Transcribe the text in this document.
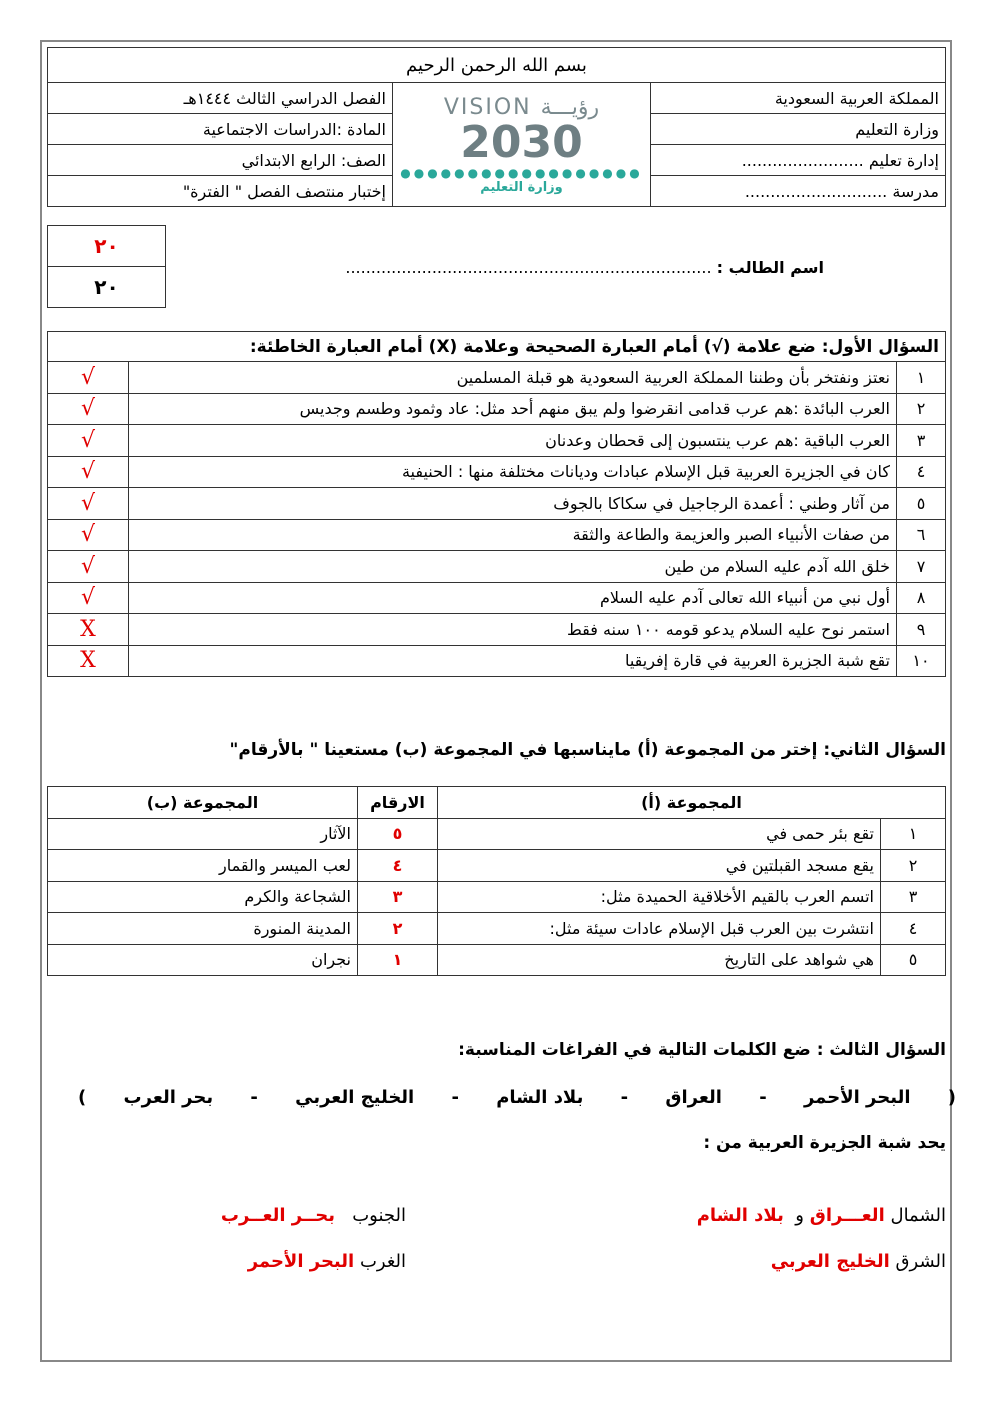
بسم الله الرحمن الرحيم		
المملكة العربية السعودية	VISION رؤيـــة
2030
●●●●●●●●●●●●●●●●●●
وزارة التعليم	الفصل الدراسي الثالث ١٤٤٤هـ
وزارة التعليم		المادة :الدراسات الاجتماعية
إدارة تعليم ........................		الصف: الرابع الابتدائي
مدرسة ............................		إختبار منتصف الفصل " الفترة"
٢٠
٢٠
اسم الطالب : ........................................................................
السؤال الأول: ضع علامة (√) أمام العبارة الصحيحة وعلامة (X) أمام العبارة الخاطئة:		
١	نعتز ونفتخر بأن وطننا المملكة العربية السعودية هو قبلة المسلمين	√
٢	العرب البائدة :هم عرب قدامى انقرضوا ولم يبق منهم أحد مثل: عاد وثمود وطسم وجديس	√
٣	العرب الباقية :هم عرب ينتسبون إلى قحطان وعدنان	√
٤	كان في الجزيرة العربية قبل الإسلام عبادات وديانات مختلفة منها : الحنيفية	√
٥	من آثار وطني : أعمدة الرجاجيل في سكاكا بالجوف	√
٦	من صفات الأنبياء الصبر والعزيمة والطاعة والثقة	√
٧	خلق الله آدم عليه السلام من طين	√
٨	أول نبي من أنبياء الله تعالى آدم عليه السلام	√
٩	استمر نوح عليه السلام يدعو قومه ١٠٠ سنه فقط	X
١٠	تقع شبة الجزيرة العربية في قارة إفريقيا	X
السؤال الثاني: إختر من المجموعة (أ) مايناسبها في المجموعة (ب) مستعينا " بالأرقام"
المجموعة (أ)		الارقام	المجموعة (ب)
١	تقع بئر حمى في	٥	الآثار
٢	يقع مسجد القبلتين في	٤	لعب الميسر والقمار
٣	اتسم العرب بالقيم الأخلاقية الحميدة مثل:	٣	الشجاعة والكرم
٤	انتشرت بين العرب قبل الإسلام عادات سيئة مثل:	٢	المدينة المنورة
٥	هي شواهد على التاريخ	١	نجران
السؤال الثالث : ضع الكلمات التالية في الفراغات المناسبة:
(
البحر الأحمر
-
العراق
-
بلاد الشام
-
الخليج العربي
-
بحر العرب
)
يحد شبة الجزيرة العربية من :
الشمال العـــراق و  بلاد الشام
الجنوب   بحــر العــرب
الشرق الخليج العربي
الغرب البحر الأحمر
